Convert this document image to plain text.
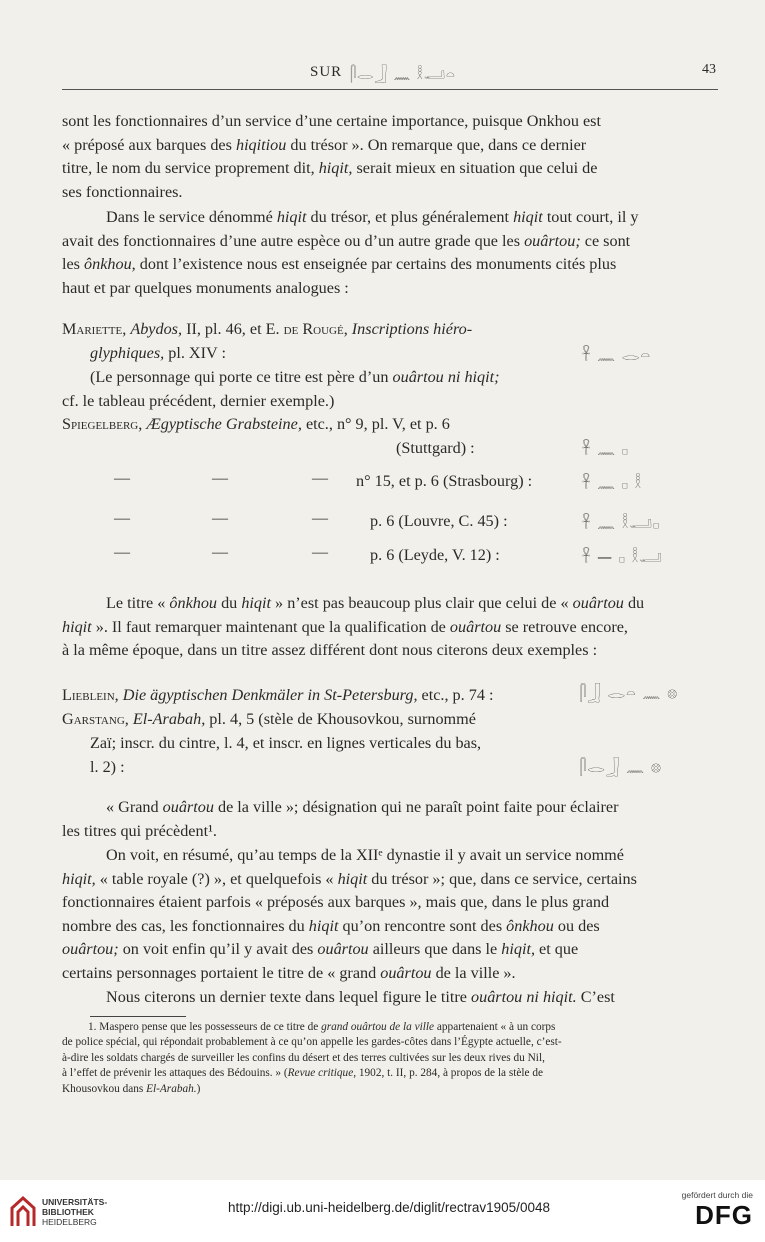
SUR 𓋴𓂋𓃀 𓈖 𓎛𓂝𓏏	43
sont les fonctionnaires d’un service d’une certaine importance, puisque Onkhou est
« préposé aux barques des hiqitiou du trésor ». On remarque que, dans ce dernier
titre, le nom du service proprement dit, hiqit, serait mieux en situation que celui de
ses fonctionnaires.
Dans le service dénommé hiqit du trésor, et plus généralement hiqit tout court, il y
avait des fonctionnaires d’une autre espèce ou d’un autre grade que les ouârtou; ce sont
les ônkhou, dont l’existence nous est enseignée par certains des monuments cités plus
haut et par quelques monuments analogues :
Mariette, Abydos, II, pl. 46, et E. de Rougé, Inscriptions hiéro-
glyphiques, pl. XIV :	𓋹 𓈖 𓂋𓏏
(Le personnage qui porte ce titre est père d’un ouârtou ni hiqit;
cf. le tableau précédent, dernier exemple.)
Spiegelberg, Ægyptische Grabsteine, etc., n° 9, pl. V, et p. 6
(Stuttgard) :	𓋹 𓈖 𓊪
—	—	— n° 15, et p. 6 (Strasbourg) :	𓋹 𓈖 𓊪 𓎛
—	—	—	p. 6 (Louvre, C. 45) :	𓋹 𓈖 𓎛𓂝𓊪
—	—	—	p. 6 (Leyde, V. 12) :	𓋹 — 𓊪 𓎛𓂝
Le titre « ônkhou du hiqit » n’est pas beaucoup plus clair que celui de « ouârtou du
hiqit ». Il faut remarquer maintenant que la qualification de ouârtou se retrouve encore,
à la même époque, dans un titre assez différent dont nous citerons deux exemples :
Lieblein, Die ägyptischen Denkmäler in St-Petersburg, etc., p. 74 :	𓋴𓃀 𓂋𓏏 𓈖 𓊖
Garstang, El-Arabah, pl. 4, 5 (stèle de Khousovkou, surnommé
Zaï; inscr. du cintre, l. 4, et inscr. en lignes verticales du bas,
l. 2) :	𓋴𓂋𓃀 𓈖 𓊖
« Grand ouârtou de la ville »; désignation qui ne paraît point faite pour éclairer
les titres qui précèdent¹.
On voit, en résumé, qu’au temps de la XIIᵉ dynastie il y avait un service nommé
hiqit, « table royale (?) », et quelquefois « hiqit du trésor »; que, dans ce service, certains
fonctionnaires étaient parfois « préposés aux barques », mais que, dans le plus grand
nombre des cas, les fonctionnaires du hiqit qu’on rencontre sont des ônkhou ou des
ouârtou; on voit enfin qu’il y avait des ouârtou ailleurs que dans le hiqit, et que
certains personnages portaient le titre de « grand ouârtou de la ville ».
Nous citerons un dernier texte dans lequel figure le titre ouârtou ni hiqit. C’est
1. Maspero pense que les possesseurs de ce titre de grand ouârtou de la ville appartenaient « à un corps
de police spécial, qui répondait probablement à ce qu’on appelle les gardes-côtes dans l’Égypte actuelle, c’est-
à-dire les soldats chargés de surveiller les confins du désert et des terres cultivées sur les deux rives du Nil,
à l’effet de prévenir les attaques des Bédouins. » (Revue critique, 1902, t. II, p. 284, à propos de la stèle de
Khousovkou dans El-Arabah.)
UNIVERSITÄTS-
BIBLIOTHEK
HEIDELBERG
http://digi.ub.uni-heidelberg.de/diglit/rectrav1905/0048
gefördert durch die
DFG
